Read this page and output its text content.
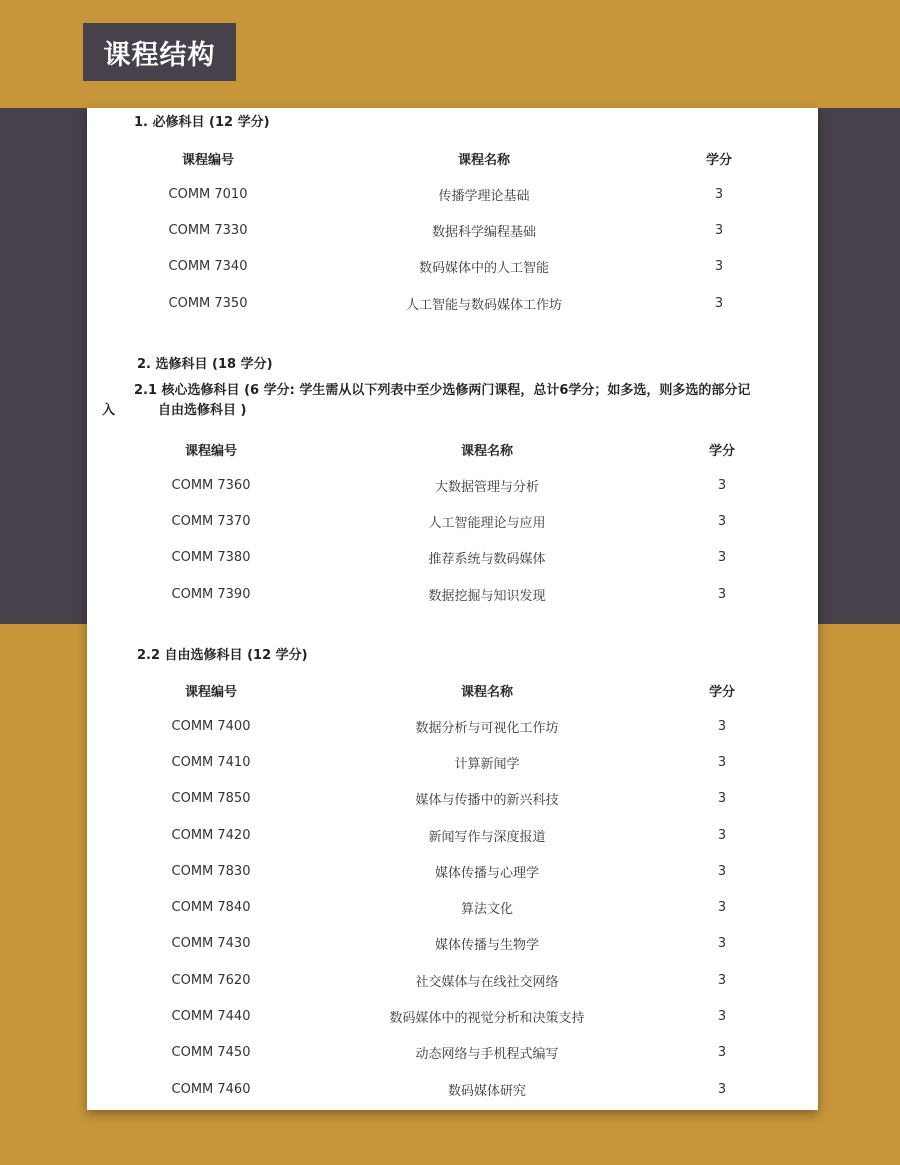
课程结构
1. 必修科目 (12 学分)
课程编号	课程名称	学分
COMM 7010	传播学理论基础	3
COMM 7330	数据科学编程基础	3
COMM 7340	数码媒体中的人工智能	3
COMM 7350	人工智能与数码媒体工作坊	3
2. 选修科目 (18 学分)
2.1 核心选修科目 (6 学分: 学生需从以下列表中至少选修两门课程，总计6学分；如多选，则多选的部分记
入	自由选修科目 )
课程编号	课程名称	学分
COMM 7360	大数据管理与分析	3
COMM 7370	人工智能理论与应用	3
COMM 7380	推荐系统与数码媒体	3
COMM 7390	数据挖掘与知识发现	3
2.2 自由选修科目 (12 学分)
课程编号	课程名称	学分
COMM 7400	数据分析与可视化工作坊	3
COMM 7410	计算新闻学	3
COMM 7850	媒体与传播中的新兴科技	3
COMM 7420	新闻写作与深度报道	3
COMM 7830	媒体传播与心理学	3
COMM 7840	算法文化	3
COMM 7430	媒体传播与生物学	3
COMM 7620	社交媒体与在线社交网络	3
COMM 7440	数码媒体中的视觉分析和决策支持	3
COMM 7450	动态网络与手机程式编写	3
COMM 7460	数码媒体研究	3
